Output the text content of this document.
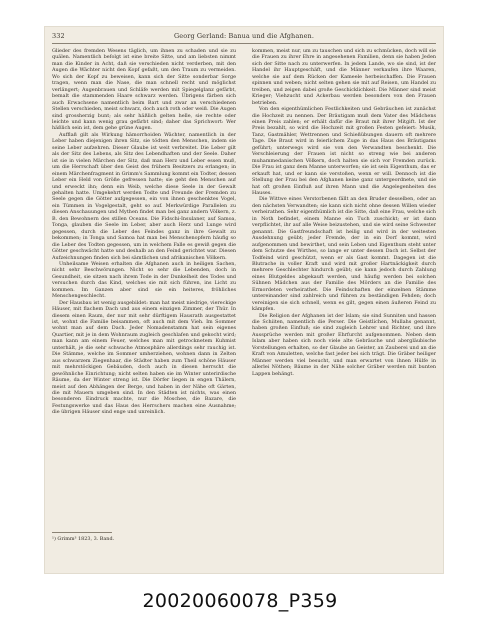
332	Georg Gerland: Banua und die Afghanen.

Glieder des fremden Wesens täglich, um ihnen zu schaden und sie zu quälen. Namentlich befolgt ist eine breite Sitte, und am liebsten nimmt man die Kinder in Acht, daß sie verschieden nicht verderben, mit den Augen die Wächter nicht den Kopf gefaßt, um den Traum zu vermeiden. Wo sich der Kopf zu beweisen, kann sich der Sitte sonderbar Sorge tragen, wenn man die Nase, die man schnell recht und möglichst verlängert; Augenbrauen und Schläfe werden mit Spiegelglanz gefärbt, bemalt die stammenden Haare schwarz werden. Übrigens färben sich auch Erwachsene namentlich beim Bart und zwar an verschiedenen Stellen verschieden, meist schwarz, doch auch roth oder weiß. Die Augen sind grossherzig bunt; als sehr häßlich gelten helle, sie rechte oder leichte und kann wenig grau gefärbt sind; daher das Sprichwort: Wer häßlich sein ist, dem gehe grüne Augen.

Aufflaß gilt als Wirkung hämorrhoiden Wächter, namentlich in der Leber haben diejenigen ihren Sitz, sie tödten den Menschen, indem sie seine Leber aufzehren. Dieser Glaube ist weit verbreitet. Die Leber gilt als der Sitz des Lebens, als Sitz des Lebendhaften und der Seele. Daher ist sie in vielen Märchen der Sitz, daß man Herz und Leber essen muß, um die Herrschaft über den Geist des frühern Besitzers zu erlangen; in einem Märchenfragment in Grimm's Sammlung kommt ein Todter, dessen Leber ein Held von Größe gefressen hatte; sie geht den Menschen auf und erweckt ihn; denn ein Weib, welche diese Seele in der Gewalt gehalten hatte. Umgekehrt werden Todte und Freunde der Fremden zu Seele gegen die Götter aufgegessen, ein von ihnen geschenktes Vogel, ein Tümmen in Vogelgestalt, geht so auf. Merkwürdige Parallelen zu diesen Anschauungen und Mythen findet man bei ganz andern Völkern, z. B. den Bewohnern des stillen Oceans. Die Fidschi-Insulaner, auf Samoa, Tonga, glauben die Seele im Leber, aber auch Herz und Lunge wird gegessen, durch die Leber des Feindes ganz in ihre Gewalt zu bekommen; in Tonga und Samoa hat man bei Menschenopfern häufig so die Leber des Todten gegessen, um in welchem Falle es gewiß gegen die Götter geschwächt hatte und deshalb an den Feind gerichtet war. Diesen Aufzeichnungen finden sich bei sämtlichen und afrikanischen Völkern.

Unheilsame Weisen erhalten die Afghanen auch in heiligen Sachen, nicht sehr Beschwörungen. Nicht so sehr die Lebenden, doch in Gesundheit, sie sitzen nach ihrem Tode in der Dunkelheit des Todes und versuchen durch das Kind, welches sie mit sich führen, ins Licht zu kommen. Im Ganzen aber sind sie ein heiteres, fröhliches Menschengeschlecht.

Der Hausbau ist wenig ausgebildet: man hat meist niedrige, viereckige Häuser, mit flachem Dach und aus einem einzigen Zimmer, der Thür. In diesem einen Raum, der nur mit sehr dürftigem Hausrath ausgestattet ist, wohnt die Familie beisammen, oft auch mit dem Vieh. Im Sommer wohnt man auf dem Dach. Jeder Nomadenstamm hat sein eigenes Quartier, mit je in dem Wohnraum zugleich geschlafen und gekocht wird; man kann am einem Feuer, welches man mit getrocknetem Kuhmist unterhält, je die sehr schwache Atmosphäre allerdings sehr rauchig ist. Die Stämme, welche im Sommer umherziehen, wohnen dann in Zelten aus schwarzem Ziegenhaar, die Städter haben zum Theil schöne Häuser mit mehrstöckigen Gebäuden, doch auch in diesen herrscht die gewöhnliche Einrichtung; nicht selten haben sie im Winter unterirdische Räume, da der Winter streng ist. Die Dörfer liegen in engen Thälern, meist auf den Abhängen der Berge, und haben in der Nähe oft Gärten, die mit Mauern umgeben sind. In den Städten ist nichts, was einen besonderen Eindruck machte, nur die Moschee, die Bazare, die Festungswerke und das Haus des Herrschers machen eine Ausnahme; die übrigen Häuser sind enge und unreinlich.

kommen, meist nur, um zu tauschen und sich zu schmücken, doch will sie die Frauen zu ihrer Ehre in angesehenen Familien, denn sie haben Jeden sich der Sitte nach zu unterwerfen. In jedem Lande, wo sie sind, ist der Handel ihr Hauptgeschäft, und die Männer verkaufen ihre Waaren, welche sie auf dem Rücken der Kameele herbeischaffen. Die Frauen spinnen und weben; nicht selten gehen sie mit auf Reisen, um Handel zu treiben, und zeigen dabei große Geschicklichkeit. Die Männer sind meist Krieger; Viehzucht und Ackerbau werden besonders von den Frauen betrieben.

Von den eigenthümlichen Festlichkeiten und Gebräuchen ist zunächst die Hochzeit zu nennen. Der Bräutigam muß dem Vater des Mädchens einen Preis zahlen; er erhält dafür die Braut mit ihrer Mitgift. Ist der Preis bezahlt, so wird die Hochzeit mit großen Festen gefeiert: Musik, Tanz, Gastmähler, Wettrennen und Schießübungen dauern oft mehrere Tage. Die Braut wird in feierlichem Zuge in das Haus des Bräutigams geführt; unterwegs wird sie von den Verwandten beschenkt. Die Verschleierung der Frauen ist nicht so streng wie bei anderen muhammedanischen Völkern, doch halten sie sich vor Fremden zurück. Die Frau ist ganz dem Manne unterworfen; sie ist sein Eigenthum, das er erkauft hat, und er kann sie verstoßen, wenn er will. Dennoch ist die Stellung der Frau bei den Afghanen keine ganz untergeordnete, und sie hat oft großen Einfluß auf ihren Mann und die Angelegenheiten des Hauses.

Die Wittwe eines Verstorbenen fällt an den Bruder desselben, oder an den nächsten Verwandten; sie kann sich nicht ohne dessen Willen wieder verheirathen. Sehr eigenthümlich ist die Sitte, daß eine Frau, welche sich in Noth befindet, einem Manne ein Tuch zuschickt; er ist dann verpflichtet, ihr auf alle Weise beizustehen, und sie wird seine Schwester genannt. Die Gastfreundschaft ist heilig und wird in der weitesten Ausdehnung geübt; jeder Fremde, der in ein Dorf kommt, wird aufgenommen und bewirthet, und sein Leben und Eigenthum steht unter dem Schutze des Wirthes, so lange er unter dessen Dach ist. Selbst der Todfeind wird geschützt, wenn er als Gast kommt. Dagegen ist die Blutrache in voller Kraft und wird mit großer Hartnäckigkeit durch mehrere Geschlechter hindurch geübt; sie kann jedoch durch Zahlung eines Blutgeldes abgekauft werden, und häufig werden bei solchen Sühnen Mädchen aus der Familie des Mörders an die Familie des Ermordeten verheirathet. Die Feindschaften der einzelnen Stämme untereinander sind zahlreich und führen zu beständigen Fehden; doch vereinigen sie sich schnell, wenn es gilt, gegen einen äußeren Feind zu kämpfen.

Die Religion der Afghanen ist der Islam; sie sind Sunniten und hassen die Schiiten, namentlich die Perser. Die Geistlichen, Mullahs genannt, haben großen Einfluß; sie sind zugleich Lehrer und Richter, und ihre Aussprüche werden mit großer Ehrfurcht aufgenommen. Neben dem Islam aber haben sich noch viele alte Gebräuche und abergläubische Vorstellungen erhalten, so der Glaube an Geister, an Zauberei und an die Kraft von Amuletten, welche fast jeder bei sich trägt. Die Gräber heiliger Männer werden viel besucht, und man erwartet von ihnen Hülfe in allerlei Nöthen; Bäume in der Nähe solcher Gräber werden mit bunten Lappen behängt.

¹) Grimm³ 1823, 3. Band.
20020060078_P359
